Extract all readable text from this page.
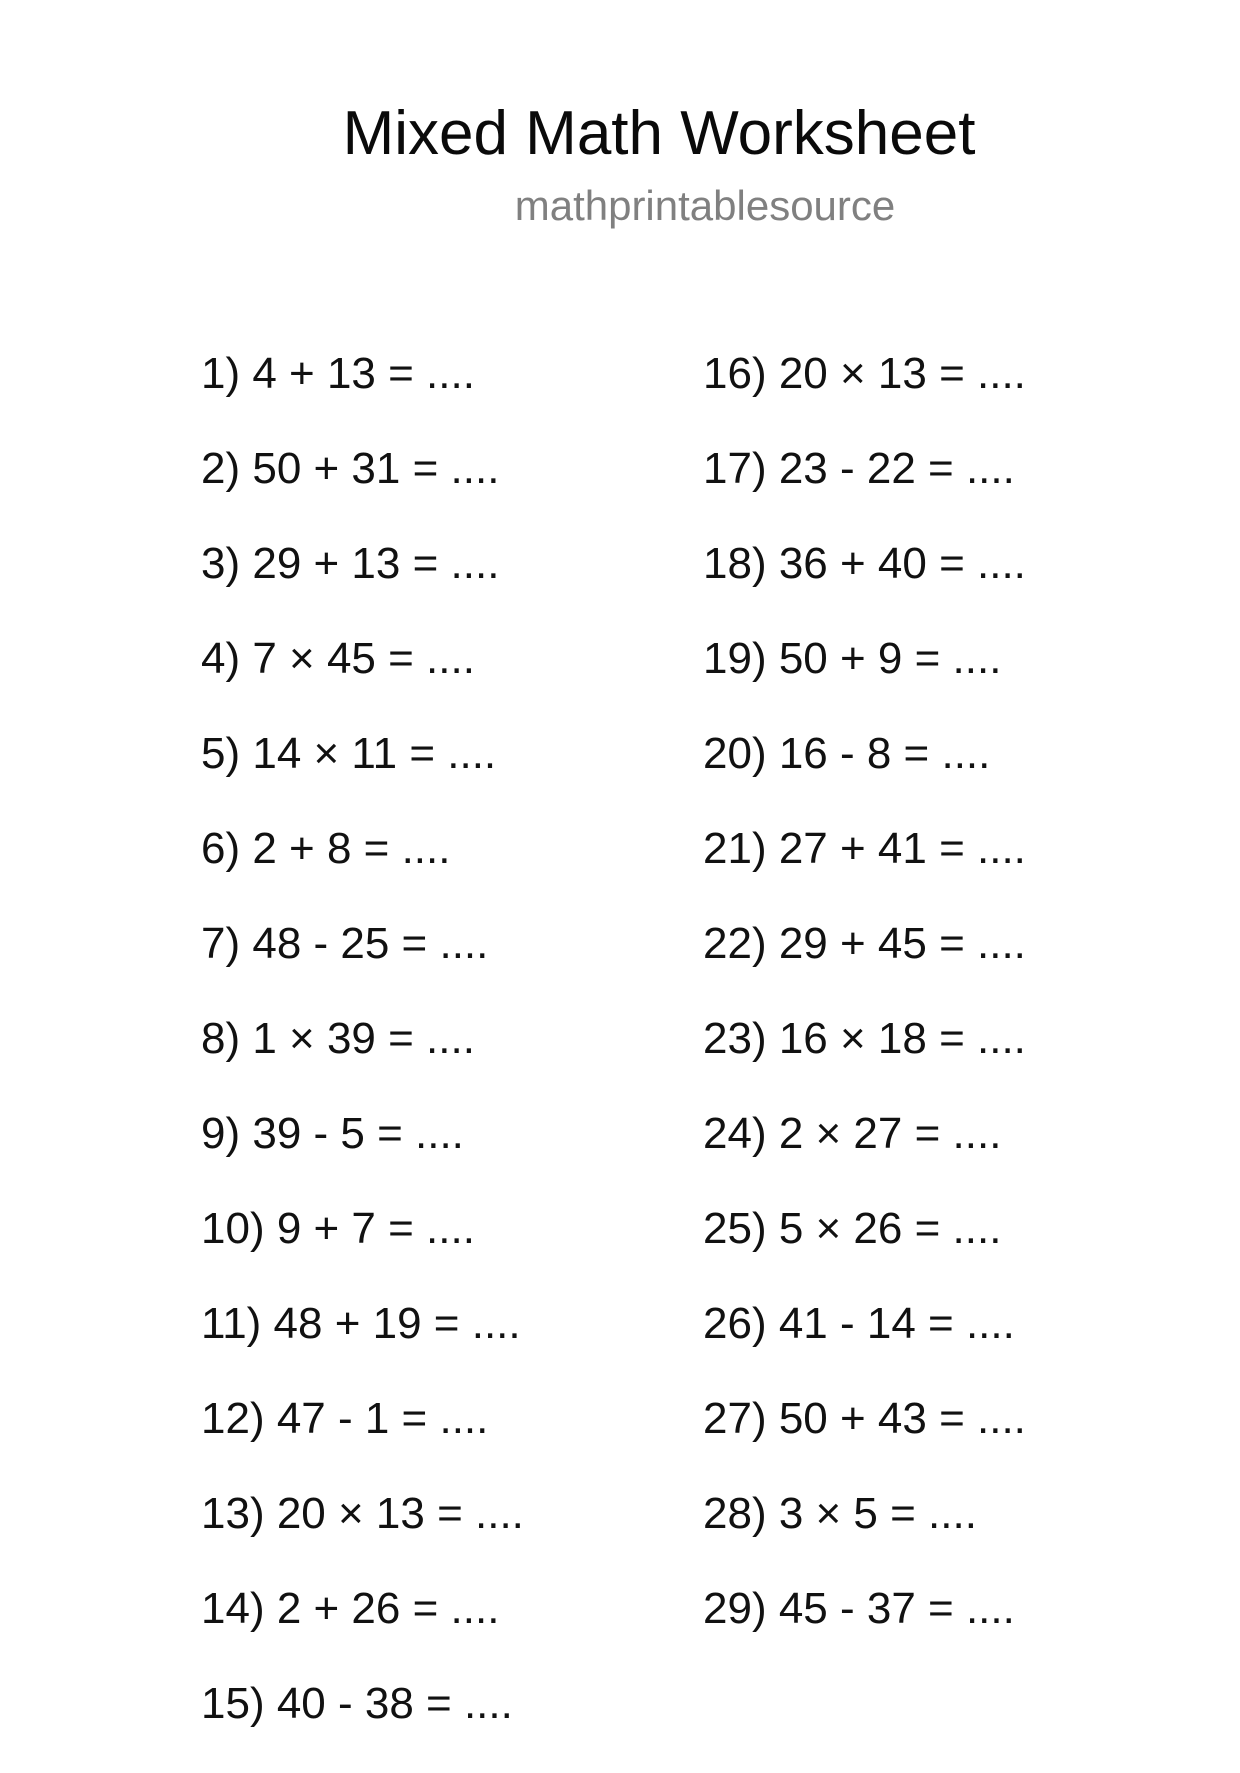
Mixed Math Worksheet
mathprintablesource
1) 4 + 13 = ....
2) 50 + 31 = ....
3) 29 + 13 = ....
4) 7 × 45 = ....
5) 14 × 11 = ....
6) 2 + 8 = ....
7) 48 - 25 = ....
8) 1 × 39 = ....
9) 39 - 5 = ....
10) 9 + 7 = ....
11) 48 + 19 = ....
12) 47 - 1 = ....
13) 20 × 13 = ....
14) 2 + 26 = ....
15) 40 - 38 = ....
16) 20 × 13 = ....
17) 23 - 22 = ....
18) 36 + 40 = ....
19) 50 + 9 = ....
20) 16 - 8 = ....
21) 27 + 41 = ....
22) 29 + 45 = ....
23) 16 × 18 = ....
24) 2 × 27 = ....
25) 5 × 26 = ....
26) 41 - 14 = ....
27) 50 + 43 = ....
28) 3 × 5 = ....
29) 45 - 37 = ....
